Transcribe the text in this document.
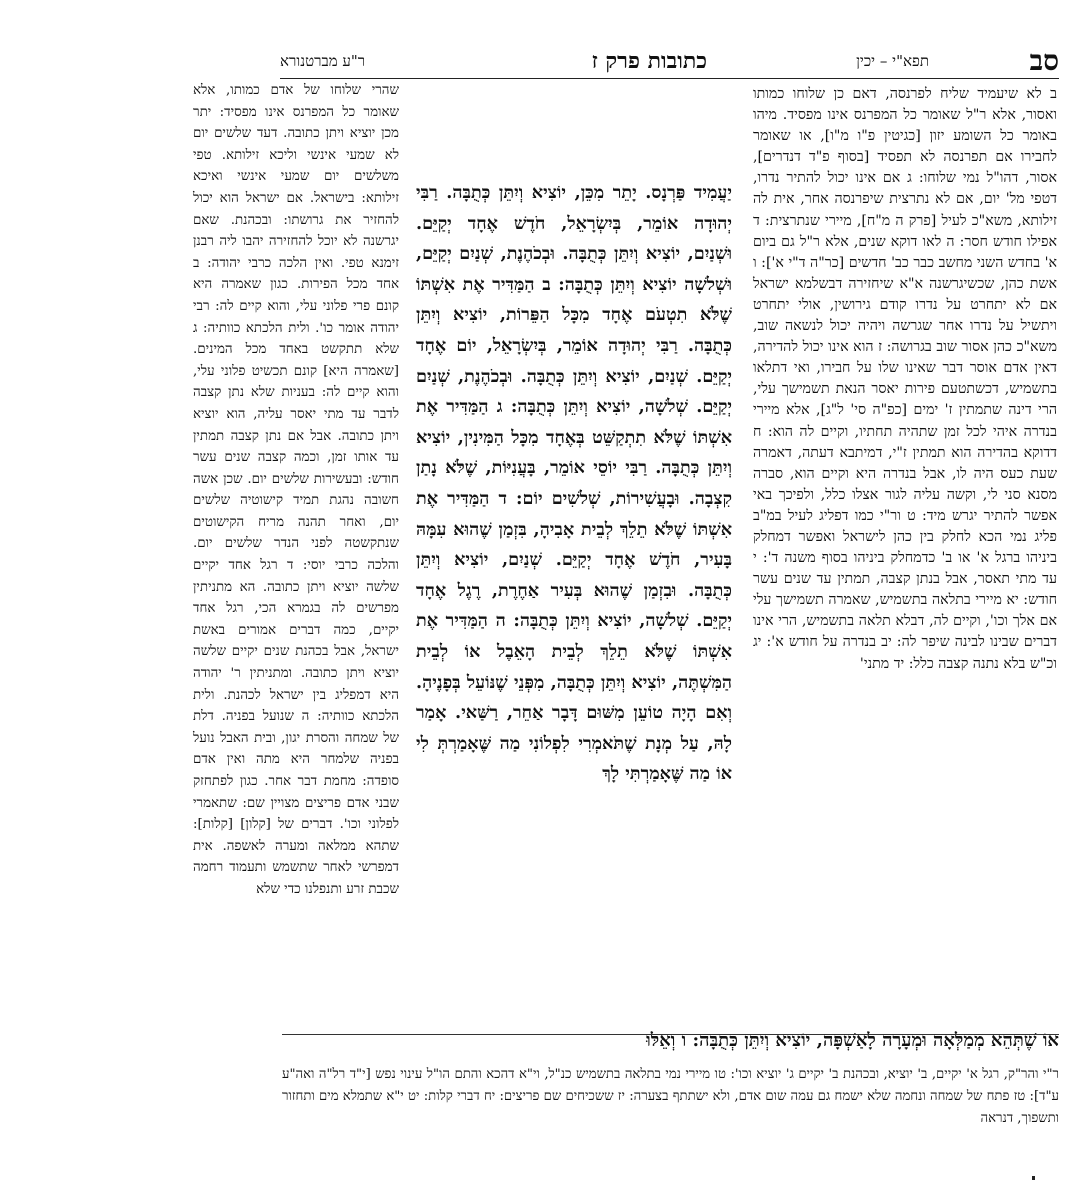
סב
תפא"י – יכין
כתובות פרק ז
ר"ע מברטנורא

ב לא שיעמיד שליח לפרנסה, דאם כן שלוחו כמותו ואסור, אלא ר"ל שאומר כל המפרנס אינו מפסיד. מיהו באומר כל השומע יזון [כגיטין פ"ו מ"ו], או שאומר לחבירו אם תפרנסה לא תפסיד [בסוף פ"ד דנדרים], אסור, דהו"ל נמי שלוחו: ג אם אינו יכול להתיר נדרו, דטפי מל' יום, אם לא נתרצית שיפרנסה אחר, אית לה זילותא, משא"כ לעיל [פרק ה מ"ח], מיירי שנתרצית: ד אפילו חודש חסר: ה לאו דוקא שנים, אלא ר"ל גם ביום א' בחדש השני מחשב כבר כב' חדשים [כר"ה ד"י א']: ו אשת כהן, שכשיגרשנה א"א שיחזירה דבשלמא ישראל אם לא יתחרט על נדרו קודם גירושין, אולי יתחרט ויתשיל על נדרו אחר שגרשה ויהיה יכול לנשאה שוב, משא"כ כהן אסור שוב בגרושה: ז הוא אינו יכול להדירה, דאין אדם אוסר דבר שאינו שלו על חבירו, ואי דתלאו בתשמיש, דכשתטעם פירות יאסר הנאת תשמישך עלי, הרי דינה שתמתין ז' ימים [כפ"ה סי' ל"ג], אלא מיירי בנדרה איהי לכל זמן שתהיה תחתיו, וקיים לה הוא: ח דדוקא בהדירה הוא תמתין ז"י, דמיתבא דעתה, דאמרה שעת כעס היה לו, אבל בנדרה היא וקיים הוא, סברה מסנא סני לי, וקשה עליה לגור אצלו כלל, ולפיכך באי אפשר להתיר יגרש מיד: ט ור"י כמו דפליג לעיל במ"ב פליג נמי הכא לחלק בין כהן לישראל ואפשר דמחלק ביניהו ברגל א' או ב' כדמחלק ביניהו בסוף משנה ד': י עד מתי תאסר, אבל בנתן קצבה, תמתין עד שנים עשר חודש: יא מיירי בתלאה בתשמיש, שאמרה תשמישך עלי אם אלך וכו', וקיים לה, דבלא תלאה בתשמיש, הרי אינו דברים שבינו לבינה שיפר לה: יב בנדרה על חודש א': יג וכ"ש בלא נתנה קצבה כלל: יד מתני'

יַעֲמִיד פַּרְנָס. יָתֵר מִכֵּן, יוֹצִיא וְיִתֵּן כְּתֻבָּה. רַבִּי יְהוּדָה אוֹמֵר, בְּיִשְׂרָאֵל, חֹדֶשׁ אֶחָד יְקַיֵּם. וּשְׁנַיִם, יוֹצִיא וְיִתֵּן כְּתֻבָּה. וּבְכֹהֶנֶת, שְׁנַיִם יְקַיֵּם, וּשְׁלשָׁה יוֹצִיא וְיִתֵּן כְּתֻבָּה: ב הַמַּדִּיר אֶת אִשְׁתּוֹ שֶׁלֹּא תִטְעֹם אֶחָד מִכָּל הַפֵּרוֹת, יוֹצִיא וְיִתֵּן כְּתֻבָּה. רַבִּי יְהוּדָה אוֹמֵר, בְּיִשְׂרָאֵל, יוֹם אֶחָד יְקַיֵּם. שְׁנַיִם, יוֹצִיא וְיִתֵּן כְּתֻבָּה. וּבְכֹהֶנֶת, שְׁנַיִם יְקַיֵּם. שְׁלשָׁה, יוֹצִיא וְיִתֵּן כְּתֻבָּה: ג הַמַּדִּיר אֶת אִשְׁתּוֹ שֶׁלֹּא תִתְקַשֵּׁט בְּאֶחָד מִכָּל הַמִּינִין, יוֹצִיא וְיִתֵּן כְּתֻבָּה. רַבִּי יוֹסֵי אוֹמֵר, בָּעֲנִיּוֹת, שֶׁלֹּא נָתַן קִצְבָה. וּבָעֲשִׁירוֹת, שְׁלשִׁים יוֹם: ד הַמַּדִּיר אֶת אִשְׁתּוֹ שֶׁלֹּא תֵלֵךְ לְבֵית אָבִיהָ, בִּזְמַן שֶׁהוּא עִמָּהּ בָּעִיר, חֹדֶשׁ אֶחָד יְקַיֵּם. שְׁנַיִם, יוֹצִיא וְיִתֵּן כְּתֻבָּה. וּבִזְמַן שֶׁהוּא בְּעִיר אַחֶרֶת, רֶגֶל אֶחָד יְקַיֵּם. שְׁלשָׁה, יוֹצִיא וְיִתֵּן כְּתֻבָּה: ה הַמַּדִּיר אֶת אִשְׁתּוֹ שֶׁלֹּא תֵלֵךְ לְבֵית הָאֵבֶל אוֹ לְבֵית הַמִּשְׁתֶּה, יוֹצִיא וְיִתֵּן כְּתֻבָּה, מִפְּנֵי שֶׁנּוֹעֵל בְּפָנֶיהָ. וְאִם הָיָה טוֹעֵן מִשּׁוּם דָּבָר אַחֵר, רַשַּׁאי. אָמַר לָהּ, עַל מְנָת שֶׁתֹּאמְרִי לִפְלוֹנִי מַה שֶּׁאָמַרְתְּ לִי אוֹ מַה שֶּׁאָמַרְתִּי לָךְ

שהרי שלוחו של אדם כמותו, אלא שאומר כל המפרנס אינו מפסיד: יתר מכן יוציא ויתן כתובה. דעד שלשים יום לא שמעי אינשי וליכא זילותא. טפי משלשים יום שמעי אינשי ואיכא זילותא: בישראל. אם ישראל הוא יכול להחזיר את גרושתו: ובכהנת. שאם יגרשנה לא יוכל להחזירה יהבו ליה רבנן זימנא טפי. ואין הלכה כרבי יהודה: ב אחד מכל הפירות. כגון שאמרה היא קונם פרי פלוני עלי, והוא קיים לה: רבי יהודה אומר כו'. ולית הלכתא כוותיה: ג שלא תתקשט באחד מכל המינים. [שאמרה היא] קונם תכשיט פלוני עלי, והוא קיים לה: בעניות שלא נתן קצבה לדבר עד מתי יאסר עליה, הוא יוציא ויתן כתובה. אבל אם נתן קצבה תמתין עד אותו זמן, וכמה קצבה שנים עשר חודש: ובעשירות שלשים יום. שכן אשה חשובה נהגת תמיד קישוטיה שלשים יום, ואחר תהנה מריח הקישוטים שנתקשטה לפני הנדר שלשים יום. והלכה כרבי יוסי: ד רגל אחד יקיים שלשה יוציא ויתן כתובה. הא מתניתין מפרשים לה בגמרא הכי, רגל אחד יקיים, כמה דברים אמורים באשת ישראל, אבל בכהנת שנים יקיים שלשה יוציא ויתן כתובה. ומתניתין ר' יהודה היא דמפליג בין ישראל לכהנת. ולית הלכתא כוותיה: ה שנועל בפניה. דלת של שמחה והסרת יגון, ובית האבל נועל בפניה שלמחר היא מתה ואין אדם סופדה: מחמת דבר אחר. כגון לפתחזק שבני אדם פריצים מצויין שם: שתאמרי לפלוני וכו'. דברים של [קלון] [קלות]: שתהא ממלאה ומערה לאשפה. אית דמפרשי לאחר שתשמש ותעמוד רחמה שכבת זרע ותנפלנו כדי שלא

אוֹ שֶׁתְּהֵא מְמַלְּאָה וּמְעָרָה לָאַשְׁפָּה, יוֹצִיא וְיִתֵּן כְּתֻבָּה: ו וְאֵלּוּ
ר"י והר"ק, רגל א' יקיים, ב' יוציא, ובכהנת ב' יקיים ג' יוציא וכו': טו מיירי נמי בתלאה בתשמיש כנ"ל, וי"א דהכא והתם הו"ל עינוי נפש [י"ד רל"ה ואה"ע ע"ד]: טז פתח של שמחה ונחמה שלא ישמח גם עמה שום אדם, ולא ישתתף בצערה: יז ששכיחים שם פריצים: יח דברי קלות: יט י"א שתמלא מים ותחזור ותשפוך, דנראה
